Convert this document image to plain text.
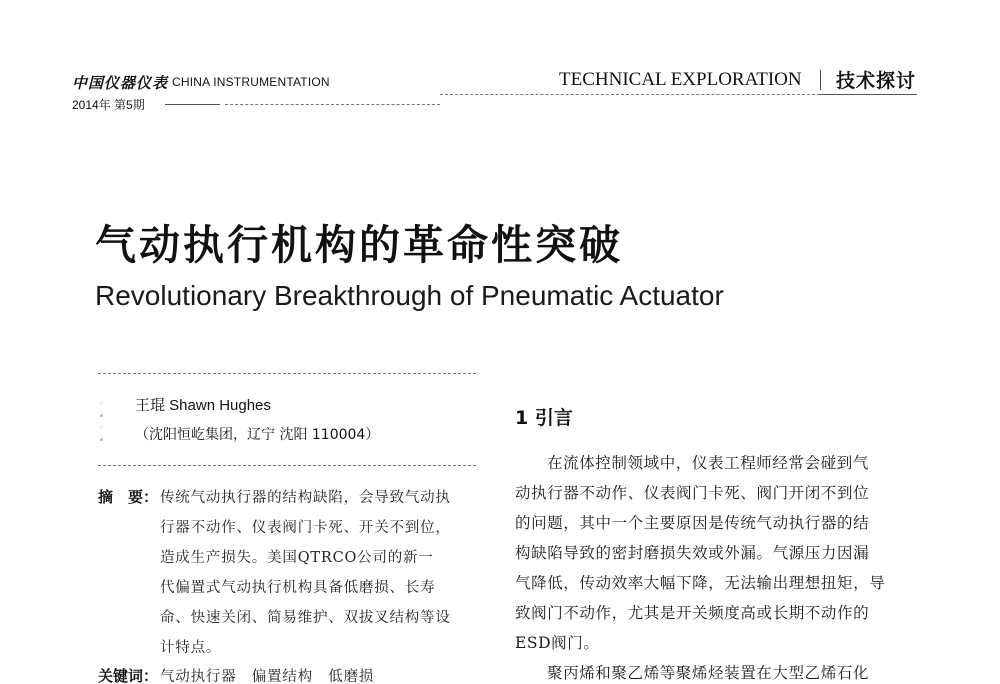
中国仪器仪表 CHINA INSTRUMENTATION
2014年 第5期
TECHNICAL EXPLORATION 技术探讨
气动执行机构的革命性突破
Revolutionary Breakthrough of Pneumatic Actuator
◦
∙
◦
∙
王琨 Shawn Hughes
（沈阳恒屹集团，辽宁 沈阳 110004）
摘　要： 传统气动执行器的结构缺陷，会导致气动执
行器不动作、仪表阀门卡死、开关不到位，
造成生产损失。美国QTRCO公司的新一
代偏置式气动执行机构具备低磨损、长寿
命、快速关闭、简易维护、双拔叉结构等设
计特点。
关键词： 气动执行器　偏置结构　低磨损
1 引言
在流体控制领域中，仪表工程师经常会碰到气
动执行器不动作、仪表阀门卡死、阀门开闭不到位
的问题，其中一个主要原因是传统气动执行器的结
构缺陷导致的密封磨损失效或外漏。气源压力因漏
气降低，传动效率大幅下降，无法输出理想扭矩，导
致阀门不动作，尤其是开关频度高或长期不动作的
ESD阀门。
聚丙烯和聚乙烯等聚烯烃装置在大型乙烯石化
